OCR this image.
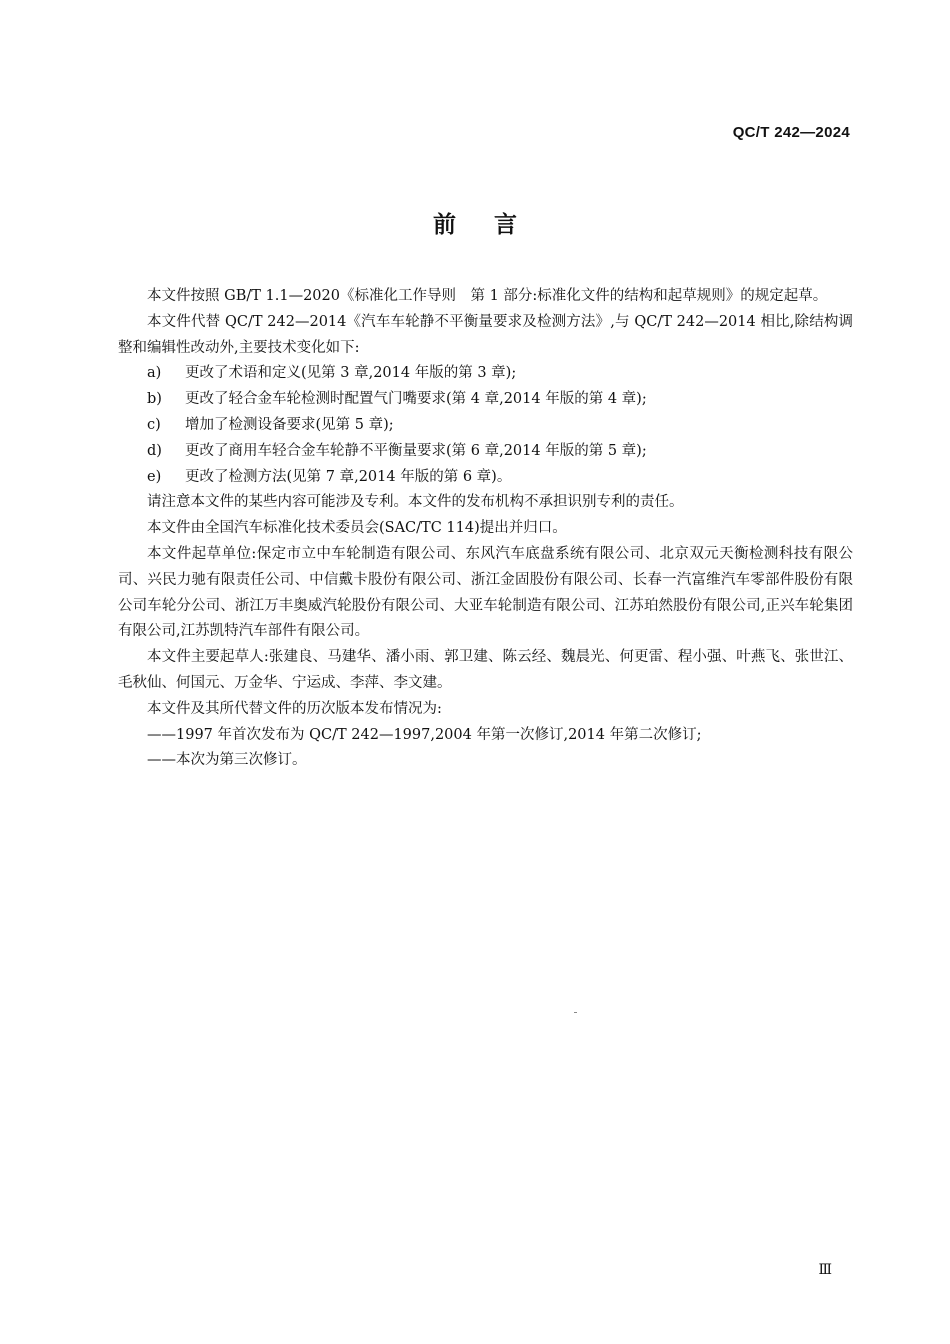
QC/T 242—2024
前言

本文件按照 GB/T 1.1—2020《标准化工作导则　第 1 部分:标准化文件的结构和起草规则》的规定起草。

本文件代替 QC/T 242—2014《汽车车轮静不平衡量要求及检测方法》,与 QC/T 242—2014 相比,除结构调整和编辑性改动外,主要技术变化如下:

a) 更改了术语和定义(见第 3 章,2014 年版的第 3 章);

b) 更改了轻合金车轮检测时配置气门嘴要求(第 4 章,2014 年版的第 4 章);

c) 增加了检测设备要求(见第 5 章);

d) 更改了商用车轻合金车轮静不平衡量要求(第 6 章,2014 年版的第 5 章);

e) 更改了检测方法(见第 7 章,2014 年版的第 6 章)。

请注意本文件的某些内容可能涉及专利。本文件的发布机构不承担识别专利的责任。

本文件由全国汽车标准化技术委员会(SAC/TC 114)提出并归口。

本文件起草单位:保定市立中车轮制造有限公司、东风汽车底盘系统有限公司、北京双元天衡检测科技有限公司、兴民力驰有限责任公司、中信戴卡股份有限公司、浙江金固股份有限公司、长春一汽富维汽车零部件股份有限公司车轮分公司、浙江万丰奥威汽轮股份有限公司、大亚车轮制造有限公司、江苏珀然股份有限公司,正兴车轮集团有限公司,江苏凯特汽车部件有限公司。

本文件主要起草人:张建良、马建华、潘小雨、郭卫建、陈云经、魏晨光、何更雷、程小强、叶燕飞、张世江、毛秋仙、何国元、万金华、宁运成、李萍、李文建。

本文件及其所代替文件的历次版本发布情况为:

——1997 年首次发布为 QC/T 242—1997,2004 年第一次修订,2014 年第二次修订;

——本次为第三次修订。

Ⅲ
